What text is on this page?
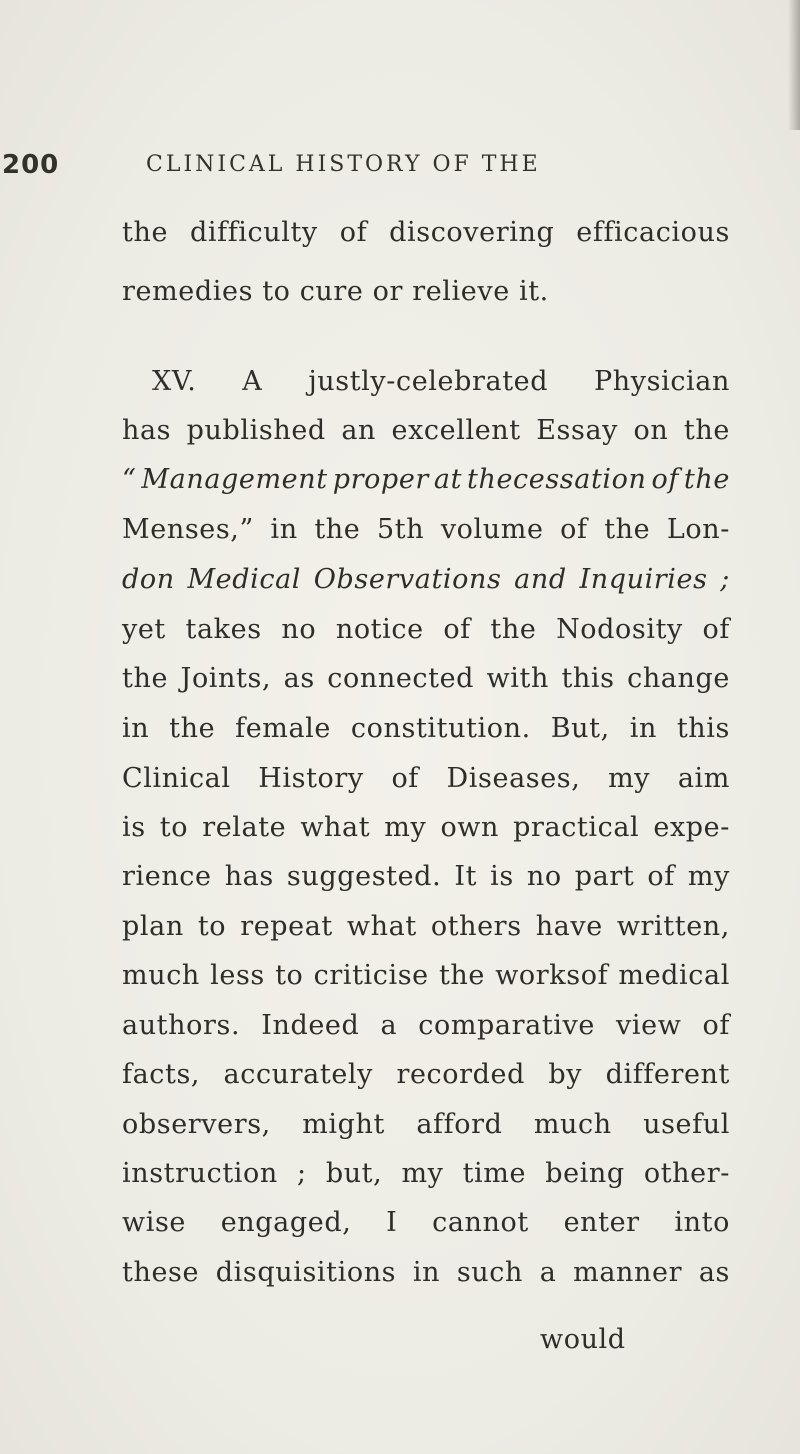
200	CLINICAL HISTORY OF THE
the difficulty of discovering efficacious
remedies to cure or relieve it.
XV. A justly-celebrated Physician
has published an excellent Essay on the
“ Management proper at thecessation of the
Menses,” in the 5th volume of the Lon-
don Medical Observations and Inquiries ;
yet takes no notice of the Nodosity of
the Joints, as connected with this change
in the female constitution. But, in this
Clinical History of Diseases, my aim
is to relate what my own practical expe-
rience has suggested. It is no part of my
plan to repeat what others have written,
much less to criticise the worksof medical
authors. Indeed a comparative view of
facts, accurately recorded by different
observers, might afford much useful
instruction ; but, my time being other-
wise engaged, I cannot enter into
these disquisitions in such a manner as
would
